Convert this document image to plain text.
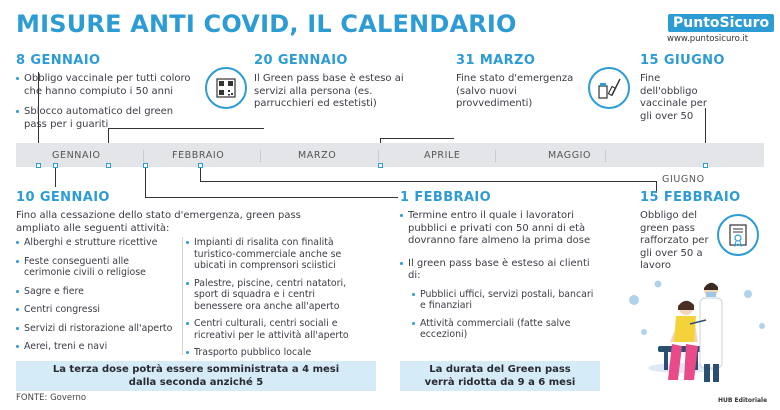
MISURE ANTI COVID, IL CALENDARIO	PuntoSicuro
www.puntosicuro.it
GENNAIO	FEBBRAIO	MARZO	APRILE	MAGGIO
GIUGNO
8 GENNAIO
Obbligo vaccinale per tutti coloro che hanno compiuto i 50 anni
Sblocco automatico del green pass per i guariti
20 GENNAIO
Il Green pass base è esteso ai servizi alla persona (es. parrucchieri ed estetisti)
31 MARZO
Fine stato d'emergenza (salvo nuovi provvedimenti)
15 GIUGNO
Fine dell'obbligo vaccinale per gli over 50
10 GENNAIO
Fino alla cessazione dello stato d'emergenza, green pass ampliato alle seguenti attività:
Alberghi e strutture ricettive
Feste conseguenti alle cerimonie civili o religiose
Sagre e fiere
Centri congressi
Servizi di ristorazione all'aperto
Aerei, treni e navi
Impianti di risalita con finalità turistico-commerciale anche se ubicati in comprensori sciistici
Palestre, piscine, centri natatori, sport di squadra e i centri benessere ora anche all'aperto
Centri culturali, centri sociali e ricreativi per le attività all'aperto
Trasporto pubblico locale
La terza dose potrà essere somministrata a 4 mesi dalla seconda anziché 5
1 FEBBRAIO
Termine entro il quale i lavoratori pubblici e privati con 50 anni di età dovranno fare almeno la prima dose
Il green pass base è esteso ai clienti di:
Pubblici uffici, servizi postali, bancari e finanziari
Attività commerciali (fatte salve eccezioni)
La durata del Green pass verrà ridotta da 9 a 6 mesi
15 FEBBRAIO
Obbligo del green pass rafforzato per gli over 50 a lavoro
FONTE: Governo	HUB Editoriale
